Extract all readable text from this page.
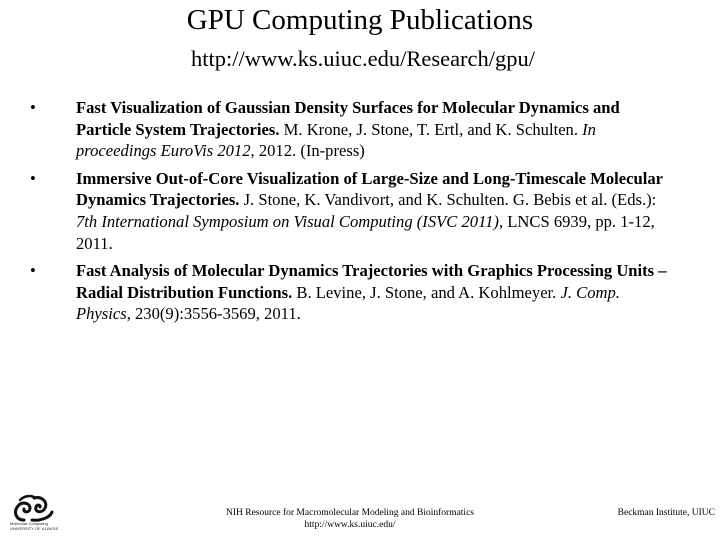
GPU Computing Publications
http://www.ks.uiuc.edu/Research/gpu/
•	Fast Visualization of Gaussian Density Surfaces for Molecular Dynamics and Particle System Trajectories. M. Krone, J. Stone, T. Ertl, and K. Schulten. In proceedings EuroVis 2012, 2012. (In-press)
•	Immersive Out-of-Core Visualization of Large-Size and Long-Timescale Molecular Dynamics Trajectories. J. Stone, K. Vandivort, and K. Schulten. G. Bebis et al. (Eds.): 7th International Symposium on Visual Computing (ISVC 2011), LNCS 6939, pp. 1-12, 2011.
•	Fast Analysis of Molecular Dynamics Trajectories with Graphics Processing Units – Radial Distribution Functions. B. Levine, J. Stone, and A. Kohlmeyer. J. Comp. Physics, 230(9):3556-3569, 2011.
Molecular Computing
UNIVERSITY OF ILLINOIS
NIH Resource for Macromolecular Modeling and Bioinformatics
http://www.ks.uiuc.edu/
Beckman Institute, UIUC
